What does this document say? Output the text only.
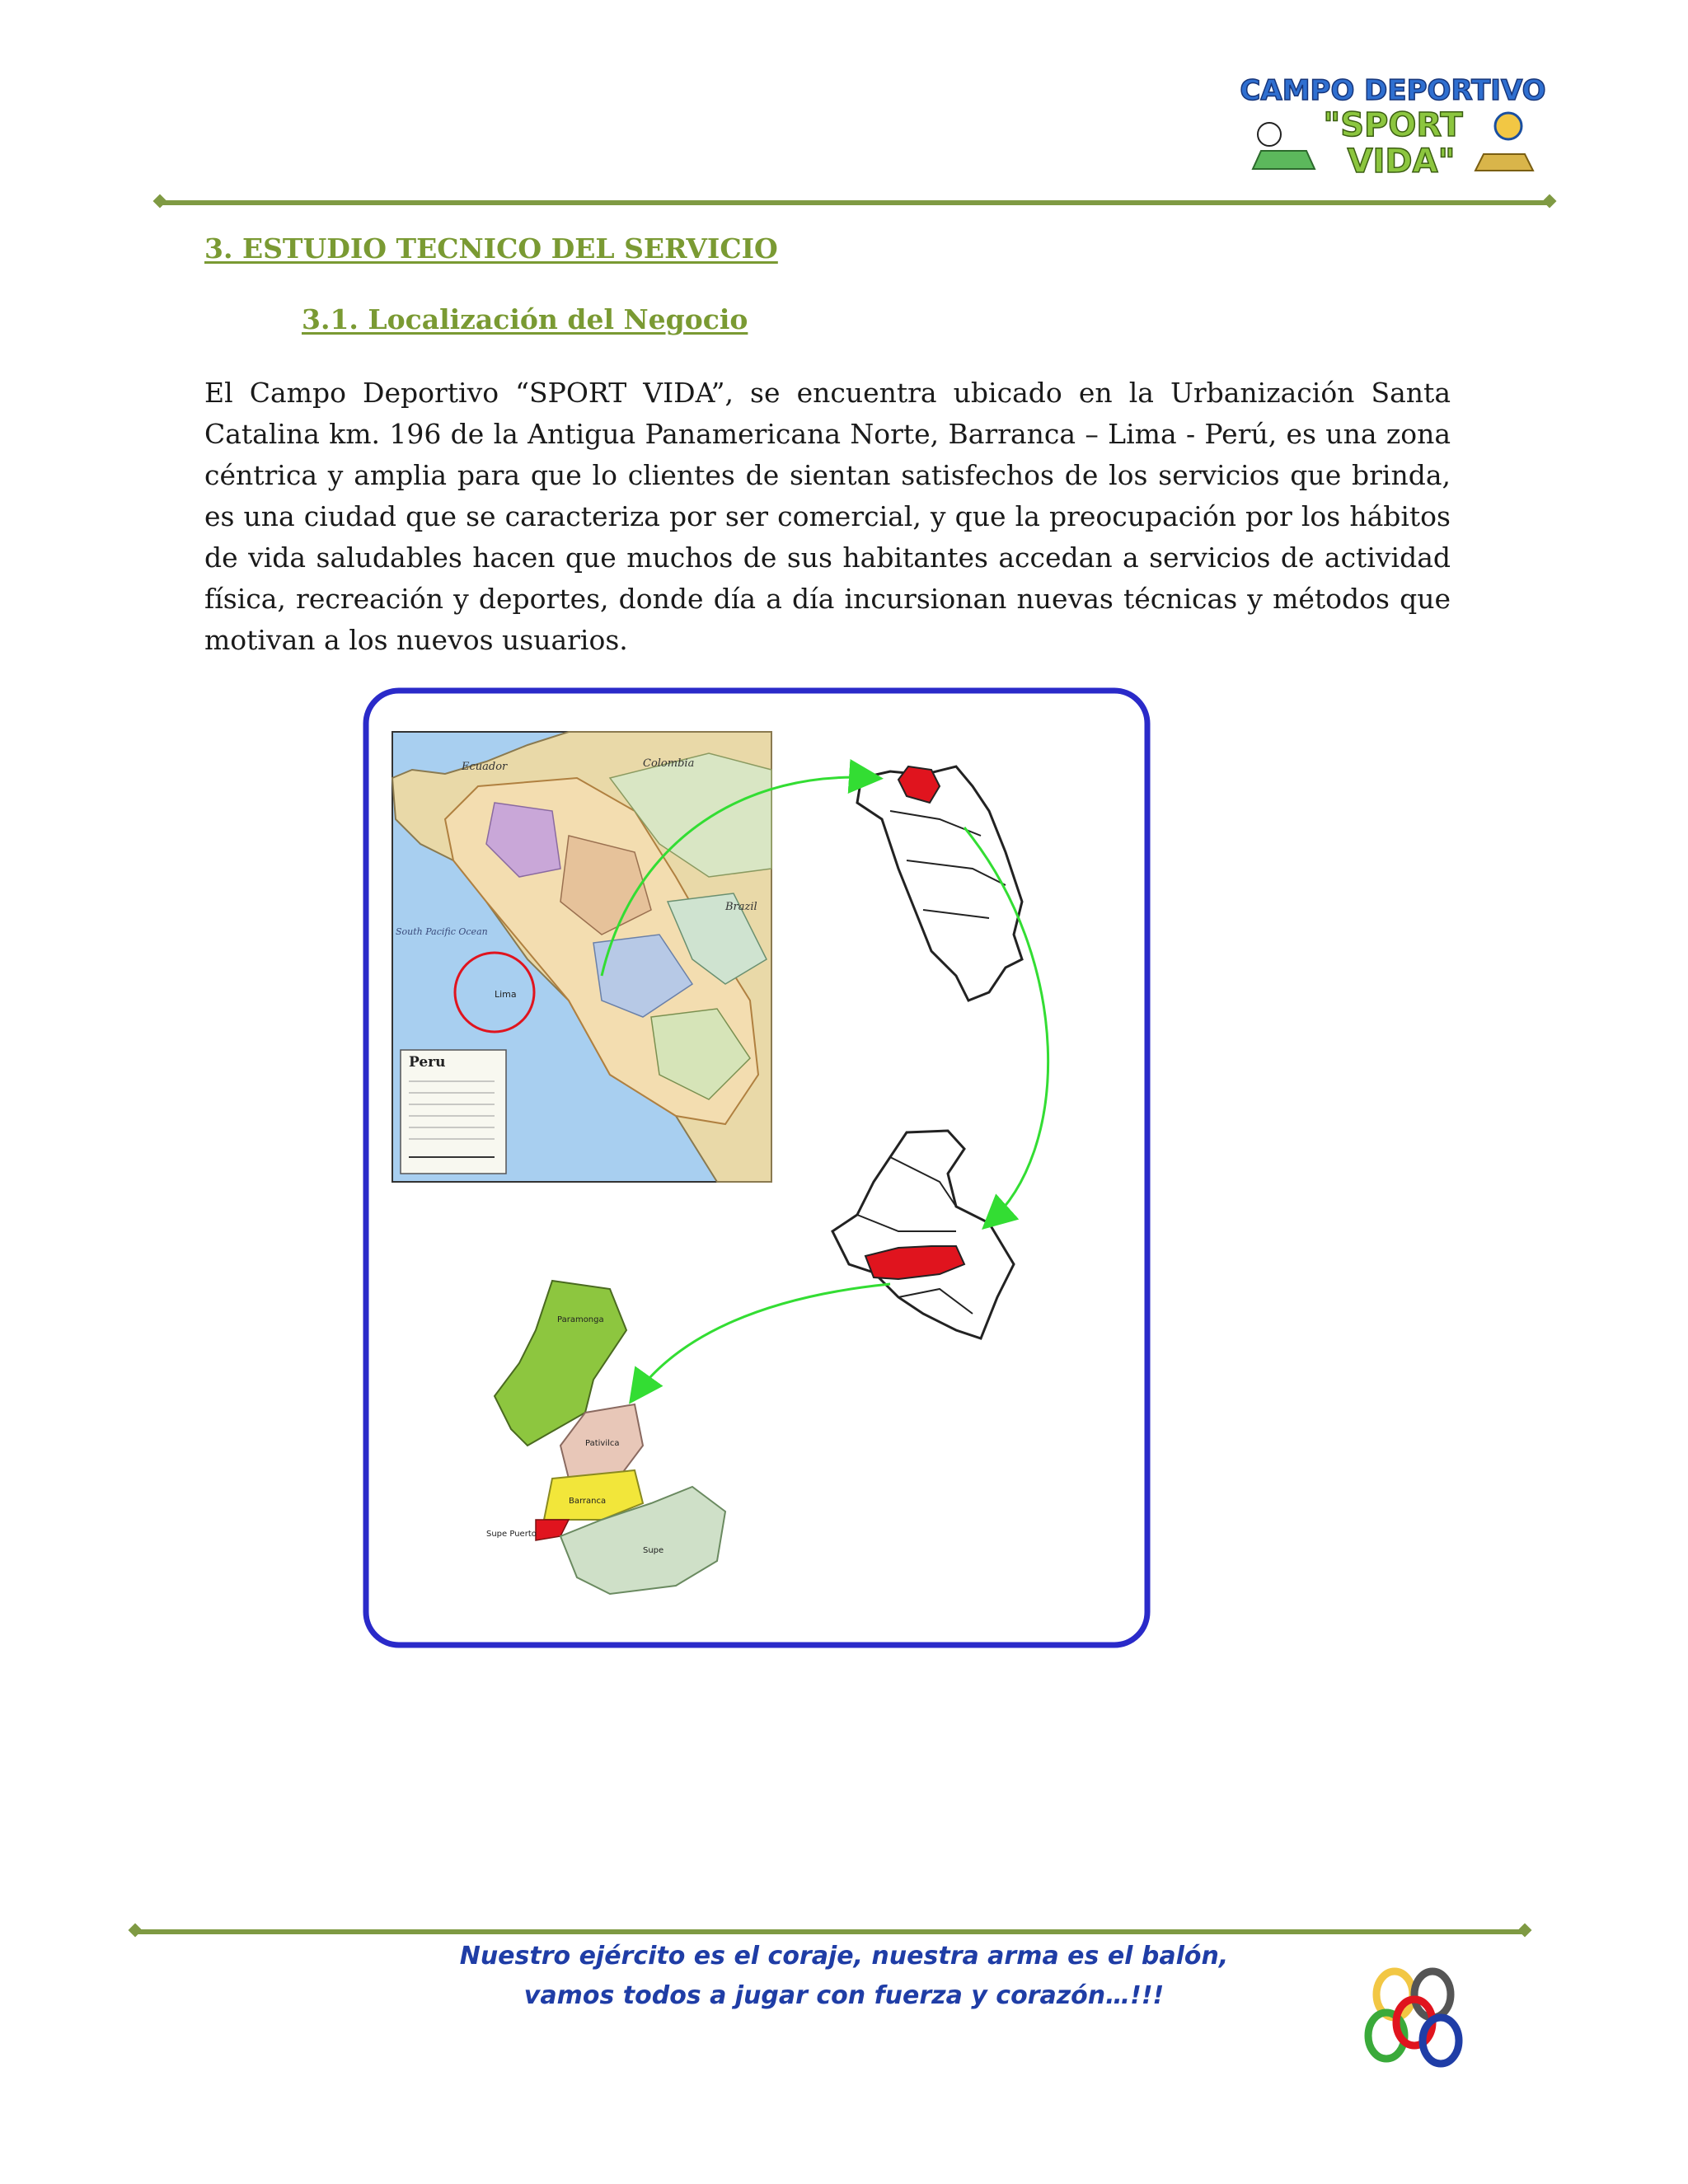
CAMPO DEPORTIVO
"SPORT
VIDA"
3. ESTUDIO TECNICO DEL SERVICIO
3.1. Localización del Negocio

El Campo Deportivo “SPORT VIDA”, se encuentra ubicado en la Urbanización Santa Catalina km. 196 de la Antigua Panamericana Norte, Barranca – Lima - Perú, es una zona céntrica y amplia para que lo clientes de sientan satisfechos de los servicios que brinda, es una ciudad que se caracteriza por ser comercial, y que la preocupación por los hábitos de vida saludables hacen que muchos de sus habitantes accedan a servicios de actividad física, recreación y deportes, donde día a día incursionan nuevas técnicas y métodos que motivan a los nuevos usuarios.

Ecuador	Colombia
Brazil
South Pacific Ocean
Lima
Peru
Paramonga
Pativilca
Barranca
Supe Puerto
Supe
Nuestro ejército es el coraje, nuestra arma es el balón,
vamos todos a jugar con fuerza y corazón…!!!
